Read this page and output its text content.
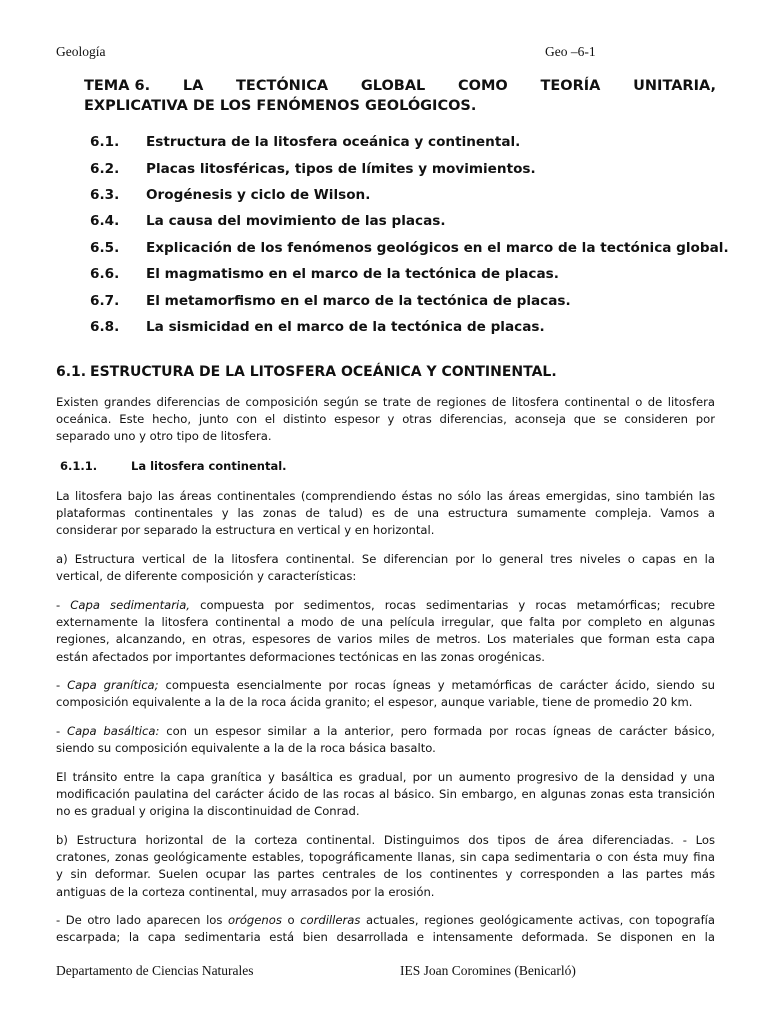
Geología	Geo –6-1
TEMA 6. LA TECTÓNICA GLOBAL COMO TEORÍA UNITARIA,
EXPLICATIVA DE LOS FENÓMENOS GEOLÓGICOS.
6.1.	Estructura de la litosfera oceánica y continental.
6.2.	Placas litosféricas, tipos de límites y movimientos.
6.3.	Orogénesis y ciclo de Wilson.
6.4.	La causa del movimiento de las placas.
6.5.	Explicación de los fenómenos geológicos en el marco de la tectónica global.
6.6.	El magmatismo en el marco de la tectónica de placas.
6.7.	El metamorfismo en el marco de la tectónica de placas.
6.8.	La sismicidad en el marco de la tectónica de placas.
6.1. ESTRUCTURA DE LA LITOSFERA OCEÁNICA Y CONTINENTAL.
Existen grandes diferencias de composición según se trate de regiones de litosfera continental o de litosfera
oceánica. Este hecho, junto con el distinto espesor y otras diferencias, aconseja que se consideren por
separado uno y otro tipo de litosfera.
6.1.1.	La litosfera continental.
La litosfera bajo las áreas continentales (comprendiendo éstas no sólo las áreas emergidas, sino también las
plataformas continentales y las zonas de talud) es de una estructura sumamente compleja. Vamos a
considerar por separado la estructura en vertical y en horizontal.
a) Estructura vertical de la litosfera continental. Se diferencian por lo general tres niveles o capas en la
vertical, de diferente composición y características:
- Capa sedimentaria, compuesta por sedimentos, rocas sedimentarias y rocas metamórficas; recubre
externamente la litosfera continental a modo de una película irregular, que falta por completo en algunas
regiones, alcanzando, en otras, espesores de varios miles de metros. Los materiales que forman esta capa
están afectados por importantes deformaciones tectónicas en las zonas orogénicas.
- Capa granítica; compuesta esencialmente por rocas ígneas y metamórficas de carácter ácido, siendo su
composición equivalente a la de la roca ácida granito; el espesor, aunque variable, tiene de promedio 20 km.
- Capa basáltica: con un espesor similar a la anterior, pero formada por rocas ígneas de carácter básico,
siendo su composición equivalente a la de la roca básica basalto.
El tránsito entre la capa granítica y basáltica es gradual, por un aumento progresivo de la densidad y una
modificación paulatina del carácter ácido de las rocas al básico. Sin embargo, en algunas zonas esta transición
no es gradual y origina la discontinuidad de Conrad.
b) Estructura horizontal de la corteza continental. Distinguimos dos tipos de área diferenciadas. - Los
cratones, zonas geológicamente estables, topográficamente llanas, sin capa sedimentaria o con ésta muy fina
y sin deformar. Suelen ocupar las partes centrales de los continentes y corresponden a las partes más
antiguas de la corteza continental, muy arrasados por la erosión.
- De otro lado aparecen los orógenos o cordilleras actuales, regiones geológicamente activas, con topografía
escarpada; la capa sedimentaria está bien desarrollada e intensamente deformada. Se disponen en la
Departamento de Ciencias Naturales	IES Joan Coromines (Benicarló)
